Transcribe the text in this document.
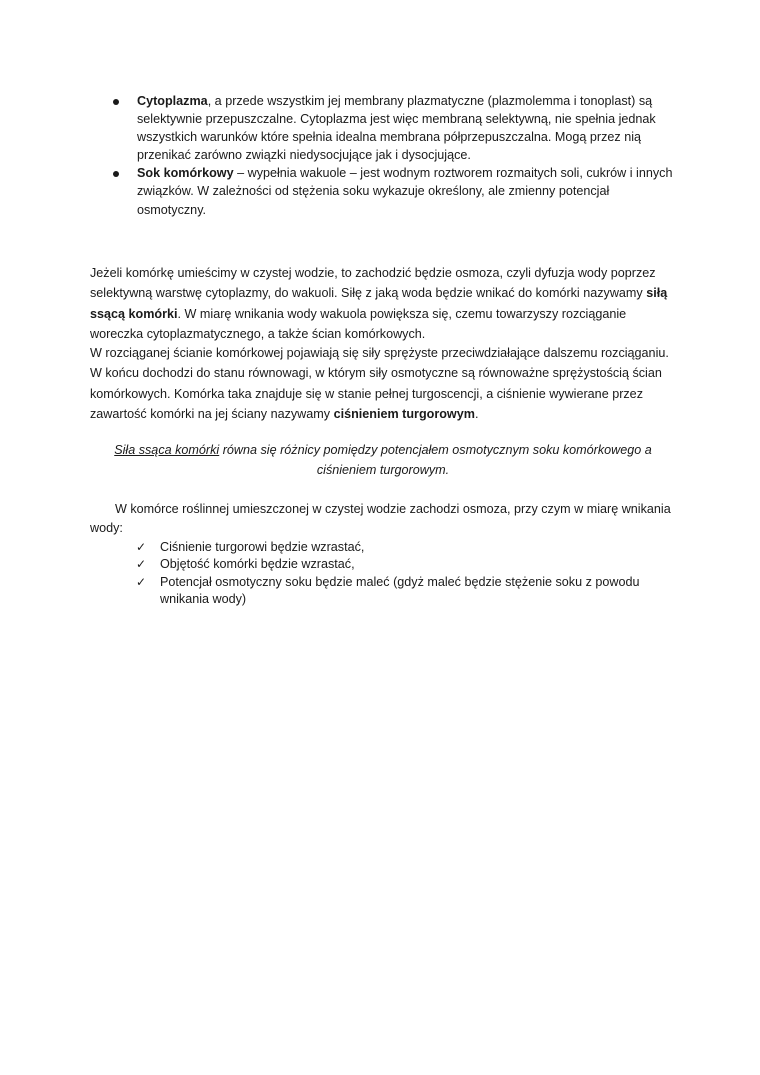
Cytoplazma, a przede wszystkim jej membrany plazmatyczne (plazmolemma i tonoplast) są selektywnie przepuszczalne. Cytoplazma jest więc membraną selektywną, nie spełnia jednak wszystkich warunków które spełnia idealna membrana półprzepuszczalna. Mogą przez nią przenikać zarówno związki niedysocjujące jak i dysocjujące.
Sok komórkowy – wypełnia wakuole – jest wodnym roztworem rozmaitych soli, cukrów i innych związków. W zależności od stężenia soku wykazuje określony, ale zmienny potencjał osmotyczny.

Jeżeli komórkę umieścimy w czystej wodzie, to zachodzić będzie osmoza, czyli dyfuzja wody poprzez selektywną warstwę cytoplazmy, do wakuoli. Siłę z jaką woda będzie wnikać do komórki nazywamy siłą ssącą komórki. W miarę wnikania wody wakuola powiększa się, czemu towarzyszy rozciąganie woreczka cytoplazmatycznego, a także ścian komórkowych.

W rozciąganej ścianie komórkowej pojawiają się siły sprężyste przeciwdziałające dalszemu rozciąganiu. W końcu dochodzi do stanu równowagi, w którym siły osmotyczne są równoważne sprężystością ścian komórkowych. Komórka taka znajduje się w stanie pełnej turgoscencji, a ciśnienie wywierane przez zawartość komórki na jej ściany nazywamy ciśnieniem turgorowym.

Siła ssąca komórki równa się różnicy pomiędzy potencjałem osmotycznym soku komórkowego a ciśnieniem turgorowym.

W komórce roślinnej umieszczonej w czystej wodzie zachodzi osmoza, przy czym w miarę wnikania wody:

✓ Ciśnienie turgorowi będzie wzrastać,
✓ Objętość komórki będzie wzrastać,
✓ Potencjał osmotyczny soku będzie maleć (gdyż maleć będzie stężenie soku z powodu wnikania wody)
